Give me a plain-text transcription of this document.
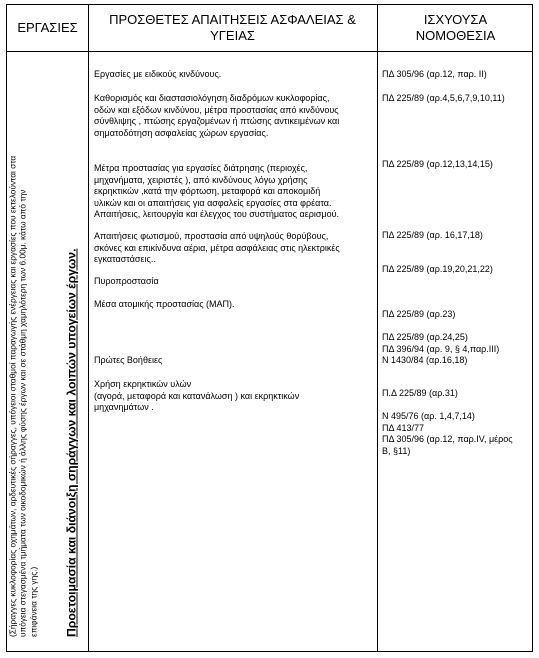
ΕΡΓΑΣΙΕΣ
ΠΡΟΣΘΕΤΕΣ ΑΠΑΙΤΗΣΕΙΣ ΑΣΦΑΛΕΙΑΣ &
ΥΓΕΙΑΣ
ΙΣΧΥΟΥΣΑ
ΝΟΜΟΘΕΣΙΑ
(Σήραγγες κυκλοφορίας οχημάτων, αρδευτικές σήραγγες, υπόγειοι σταθμοί παραγωγής ενέργειας και εργασίες που εκτελούνται στα υπόγεια στεγασμένα τμήματα των οικοδομικών ή άλλης φύσης έργων και σε στάθμη χαμηλότερη των 6.00μ. κάτω από την επιφάνεια της γης.) Προετοιμασία και διάνοιξη σηράγγων και λοιπών υπογείων έργων.
Εργασίες με ειδικούς κινδύνους.
Καθορισμός και διαστασιολόγηση διαδρόμων κυκλοφορίας,
οδών και εξόδων κινδύνου, μέτρα προστασίας από κινδύνους
σύνθλιψης , πτώσης εργαζομένων ή πτώσης αντικειμένων και
σηματοδότηση ασφαλείας χώρων εργασίας.
Μέτρα προστασίας για εργασίες διάτρησης (περιοχές,
μηχανήματα, χειριστές ), από κινδύνους λόγω χρήσης
εκρηκτικών ,κατά την φόρτωση, μεταφορά και αποκομιδή
υλικών και οι απαιτήσεις για ασφαλείς εργασίες στα φρέατα.
Απαιτήσεις, λειτουργία και έλεγχος του συστήματος αερισμού.
Απαιτήσεις φωτισμού, προστασία από υψηλούς θορύβους,
σκόνες και επικίνδυνα αέρια, μέτρα ασφάλειας στις ηλεκτρικές
εγκαταστάσεις..
Πυροπροστασία
Μέσα ατομικής προστασίας (ΜΑΠ).
Πρώτες Βοήθειες
Χρήση εκρηκτικών υλών
(αγορά, μεταφορά και κατανάλωση ) και εκρηκτικών
μηχανημάτων .
ΠΔ 305/96 (αρ.12, παρ. ΙΙ)
ΠΔ 225/89 (αρ.4,5,6,7,9,10,11)
ΠΔ 225/89 (αρ.12,13,14,15)
ΠΔ 225/89 (αρ. 16,17,18)
ΠΔ 225/89 (αρ.19,20,21,22)
ΠΔ 225/89 (αρ.23)
ΠΔ 225/89 (αρ.24,25)
ΠΔ 396/94 (αρ. 9, § 4,παρ.ΙΙΙ)
Ν 1430/84 (αρ.16,18)
Π.Δ 225/89 (αρ.31)
Ν 495/76 (αρ. 1,4,7,14)
ΠΔ 413/77
ΠΔ 305/96 (αρ.12, παρ.IV, μέρος
Β, §11)
